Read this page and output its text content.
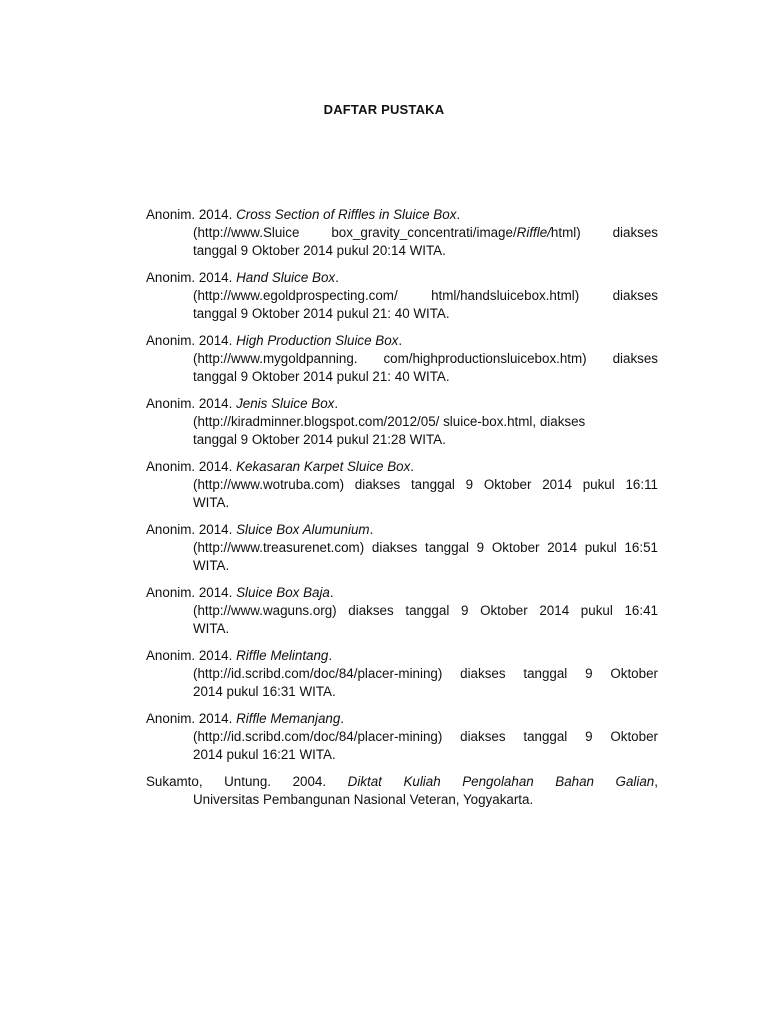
DAFTAR PUSTAKA
Anonim. 2014. Cross Section of Riffles in Sluice Box.
(http://www.Sluice box_gravity_concentrati/image/Riffle/html) diakses
tanggal 9 Oktober 2014 pukul 20:14 WITA.
Anonim. 2014. Hand Sluice Box.
(http://www.egoldprospecting.com/ html/handsluicebox.html) diakses
tanggal 9 Oktober 2014 pukul 21: 40 WITA.
Anonim. 2014. High Production Sluice Box.
(http://www.mygoldpanning. com/highproductionsluicebox.htm) diakses
tanggal 9 Oktober 2014 pukul 21: 40 WITA.
Anonim. 2014. Jenis Sluice Box.
(http://kiradminner.blogspot.com/2012/05/ sluice-box.html, diakses
tanggal 9 Oktober 2014 pukul 21:28 WITA.
Anonim. 2014. Kekasaran Karpet Sluice Box.
(http://www.wotruba.com) diakses tanggal 9 Oktober 2014 pukul 16:11
WITA.
Anonim. 2014. Sluice Box Alumunium.
(http://www.treasurenet.com) diakses tanggal 9 Oktober 2014 pukul 16:51
WITA.
Anonim. 2014. Sluice Box Baja.
(http://www.waguns.org) diakses tanggal 9 Oktober 2014 pukul 16:41
WITA.
Anonim. 2014. Riffle Melintang.
(http://id.scribd.com/doc/84/placer-mining) diakses tanggal 9 Oktober
2014 pukul 16:31 WITA.
Anonim. 2014. Riffle Memanjang.
(http://id.scribd.com/doc/84/placer-mining) diakses tanggal 9 Oktober
2014 pukul 16:21 WITA.
Sukamto, Untung. 2004. Diktat Kuliah Pengolahan Bahan Galian,
Universitas Pembangunan Nasional Veteran, Yogyakarta.
